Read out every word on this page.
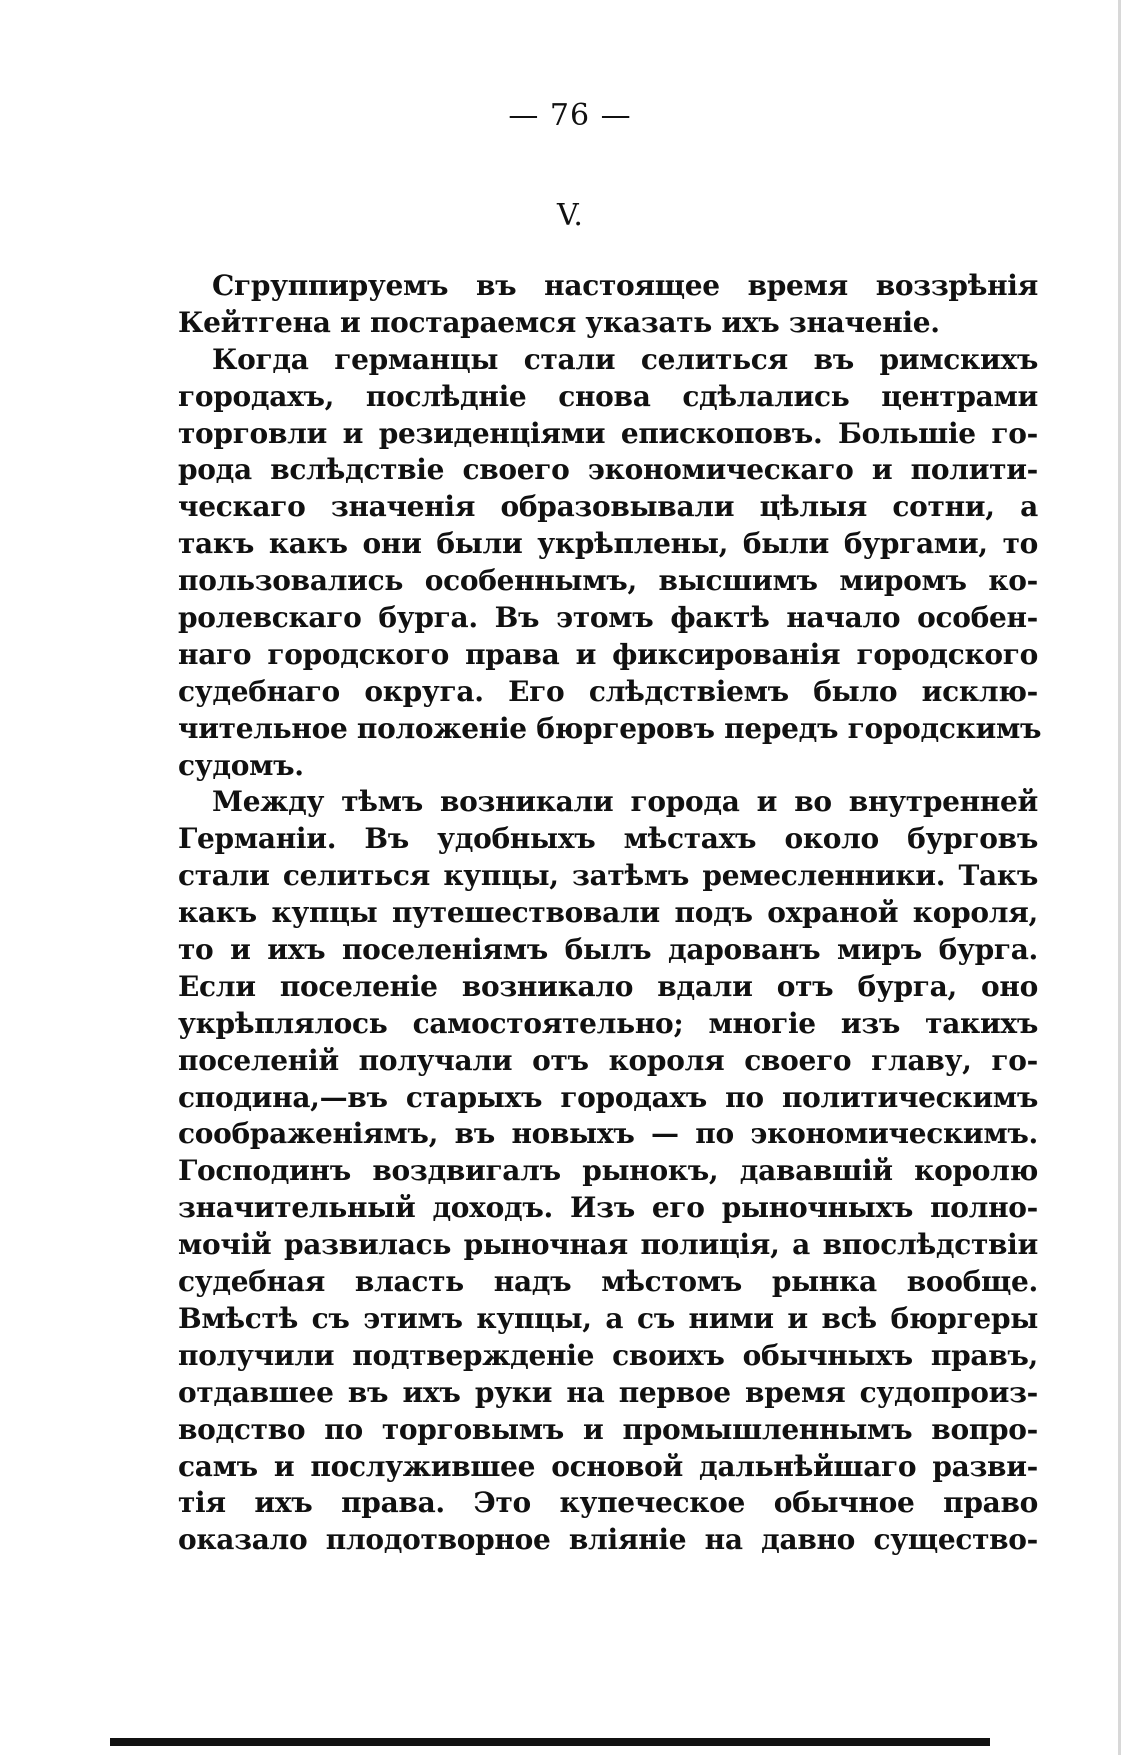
— 76 —
V.
Сгруппируемъ въ настоящее время воззрѣнія
Кейтгена и постараемся указать ихъ значеніе.
Когда германцы стали селиться въ римскихъ
городахъ, послѣдніе снова сдѣлались центрами
торговли и резиденціями епископовъ. Большіе го-
рода вслѣдствіе своего экономическаго и полити-
ческаго значенія образовывали цѣлыя сотни, а
такъ какъ они были укрѣплены, были бургами, то
пользовались особеннымъ, высшимъ миромъ ко-
ролевскаго бурга. Въ этомъ фактѣ начало особен-
наго городского права и фиксированія городского
судебнаго округа. Его слѣдствіемъ было исклю-
чительное положеніе бюргеровъ передъ городскимъ
судомъ.
Между тѣмъ возникали города и во внутренней
Германіи. Въ удобныхъ мѣстахъ около бурговъ
стали селиться купцы, затѣмъ ремесленники. Такъ
какъ купцы путешествовали подъ охраной короля,
то и ихъ поселеніямъ былъ дарованъ миръ бурга.
Если поселеніе возникало вдали отъ бурга, оно
укрѣплялось самостоятельно; многіе изъ такихъ
поселеній получали отъ короля своего главу, го-
сподина,—въ старыхъ городахъ по политическимъ
соображеніямъ, въ новыхъ — по экономическимъ.
Господинъ воздвигалъ рынокъ, дававшій королю
значительный доходъ. Изъ его рыночныхъ полно-
мочій развилась рыночная полиція, а впослѣдствіи
судебная власть надъ мѣстомъ рынка вообще.
Вмѣстѣ съ этимъ купцы, а съ ними и всѣ бюргеры
получили подтвержденіе своихъ обычныхъ правъ,
отдавшее въ ихъ руки на первое время судопроиз-
водство по торговымъ и промышленнымъ вопро-
самъ и послужившее основой дальнѣйшаго разви-
тія ихъ права. Это купеческое обычное право
оказало плодотворное вліяніе на давно существо-
